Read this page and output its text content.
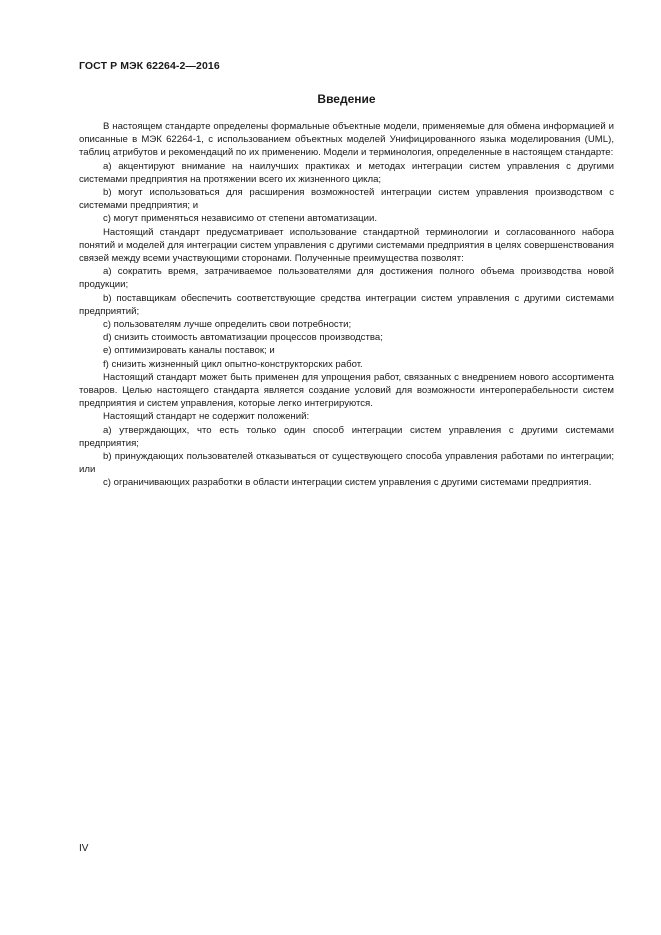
ГОСТ Р МЭК 62264-2—2016
Введение

В настоящем стандарте определены формальные объектные модели, применяемые для обмена информацией и описанные в МЭК 62264-1, с использованием объектных моделей Унифицированного языка моделирования (UML), таблиц атрибутов и рекомендаций по их применению. Модели и терминология, определенные в настоящем стандарте:

а) акцентируют внимание на наилучших практиках и методах интеграции систем управления с другими системами предприятия на протяжении всего их жизненного цикла;

b) могут использоваться для расширения возможностей интеграции систем управления производством с системами предприятия; и

c) могут применяться независимо от степени автоматизации.

Настоящий стандарт предусматривает использование стандартной терминологии и согласованного набора понятий и моделей для интеграции систем управления с другими системами предприятия в целях совершенствования связей между всеми участвующими сторонами. Полученные преимущества позволят:

а) сократить время, затрачиваемое пользователями для достижения полного объема производства новой продукции;

b) поставщикам обеспечить соответствующие средства интеграции систем управления с другими системами предприятий;

c) пользователям лучше определить свои потребности;

d) снизить стоимость автоматизации процессов производства;

е) оптимизировать каналы поставок; и

f) снизить жизненный цикл опытно-конструкторских работ.

Настоящий стандарт может быть применен для упрощения работ, связанных с внедрением нового ассортимента товаров. Целью настоящего стандарта является создание условий для возможности интероперабельности систем предприятия и систем управления, которые легко интегрируются.

Настоящий стандарт не содержит положений:

а) утверждающих, что есть только один способ интеграции систем управления с другими системами предприятия;

b) принуждающих пользователей отказываться от существующего способа управления работами по интеграции; или

c) ограничивающих разработки в области интеграции систем управления с другими системами предприятия.

IV
